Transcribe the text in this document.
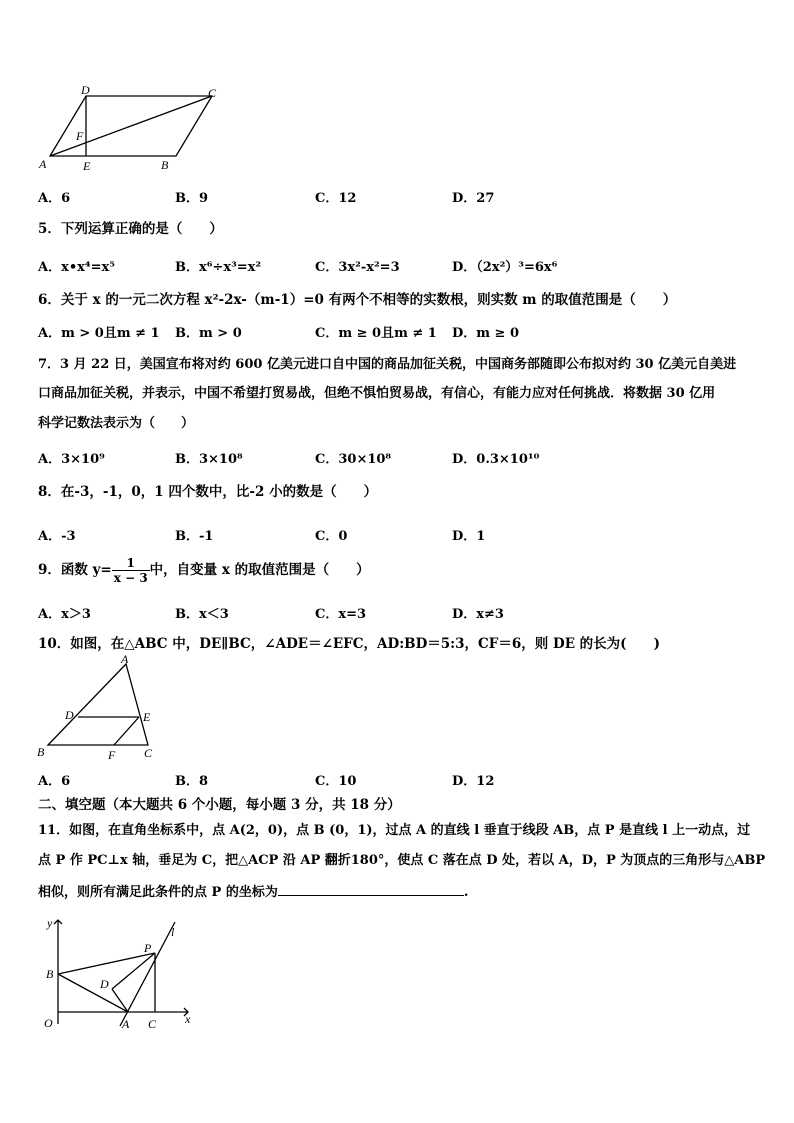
A
D	C
B
E
F
A．6	B．9	C．12	D．27
5．下列运算正确的是（　　）
A．x•x⁴=x⁵	B．x⁶÷x³=x²	C．3x²-x²=3	D．（2x²）³=6x⁶
6．关于 x 的一元二次方程 x²-2x-（m-1）=0 有两个不相等的实数根，则实数 m 的取值范围是（　　）
A．m > 0且m ≠ 1 B．m > 0	C．m ≥ 0且m ≠ 1 D．m ≥ 0
7．3 月 22 日，美国宣布将对约 600 亿美元进口自中国的商品加征关税，中国商务部随即公布拟对约 30 亿美元自美进
口商品加征关税，并表示，中国不希望打贸易战，但绝不惧怕贸易战，有信心，有能力应对任何挑战．将数据 30 亿用
科学记数法表示为（　　）
A．3×10⁹	B．3×10⁸	C．30×10⁸	D．0.3×10¹⁰
8．在-3，-1，0，1 四个数中，比-2 小的数是（　　）
A．-3	B．-1	C．0	D．1
9．函数 $y= \frac{1}{x - 3}$ 中，自变量 x 的取值范围是（　　）
A．x＞3	B．x＜3	C．x=3	D．x≠3
10．如图，在△ABC 中，DE∥BC，∠ADE＝∠EFC，AD:BD＝5:3，CF＝6，则 DE 的长为(　　)
A
D	E
B	F C
A．6	B．8	C．10	D．12
二、填空题（本大题共 6 个小题，每小题 3 分，共 18 分）
11．如图，在直角坐标系中，点 A(2，0)，点 B (0，1)，过点 A 的直线 l 垂直于线段 AB，点 P 是直线 l 上一动点，过
点 P 作 PC⊥x 轴，垂足为 C，把△ACP 沿 AP 翻折180°，使点 C 落在点 D 处，若以 A，D，P 为顶点的三角形与△ABP
相似，则所有满足此条件的点 P 的坐标为	.
y
x
O
B
A C
D
P
l
